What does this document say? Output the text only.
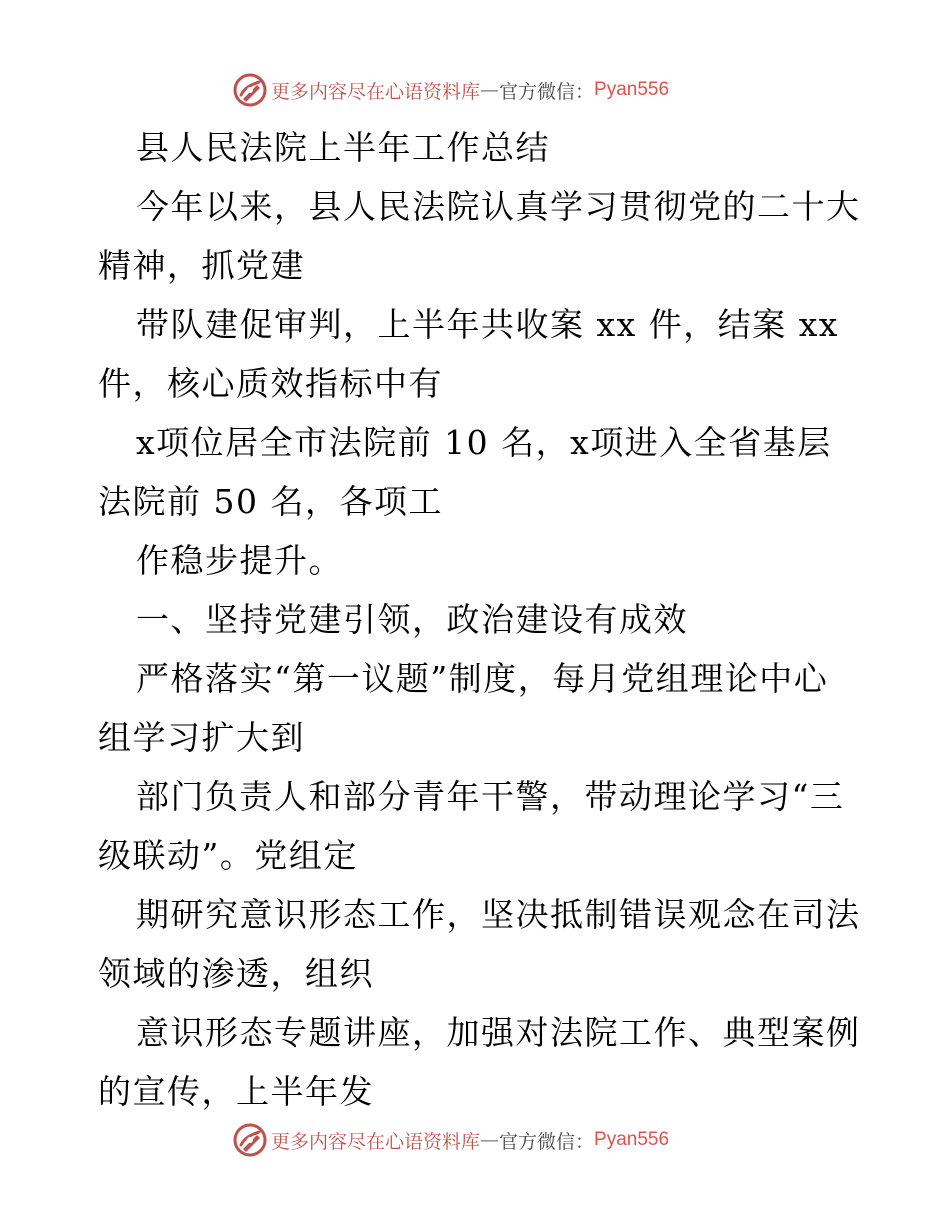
更多内容尽在心语资料库 — 官方微信： Pyan556
县人民法院上半年工作总结
今年以来，县人民法院认真学习贯彻党的二十大
精神，抓党建
带队建促审判，上半年共收案 xx 件，结案 xx
件，核心质效指标中有
x项位居全市法院前 10 名，x项进入全省基层
法院前 50 名，各项工
作稳步提升。
一、坚持党建引领，政治建设有成效
严格落实“第一议题”制度，每月党组理论中心
组学习扩大到
部门负责人和部分青年干警，带动理论学习“三
级联动”。党组定
期研究意识形态工作，坚决抵制错误观念在司法
领域的渗透，组织
意识形态专题讲座，加强对法院工作、典型案例
的宣传，上半年发
更多内容尽在心语资料库 — 官方微信： Pyan556
